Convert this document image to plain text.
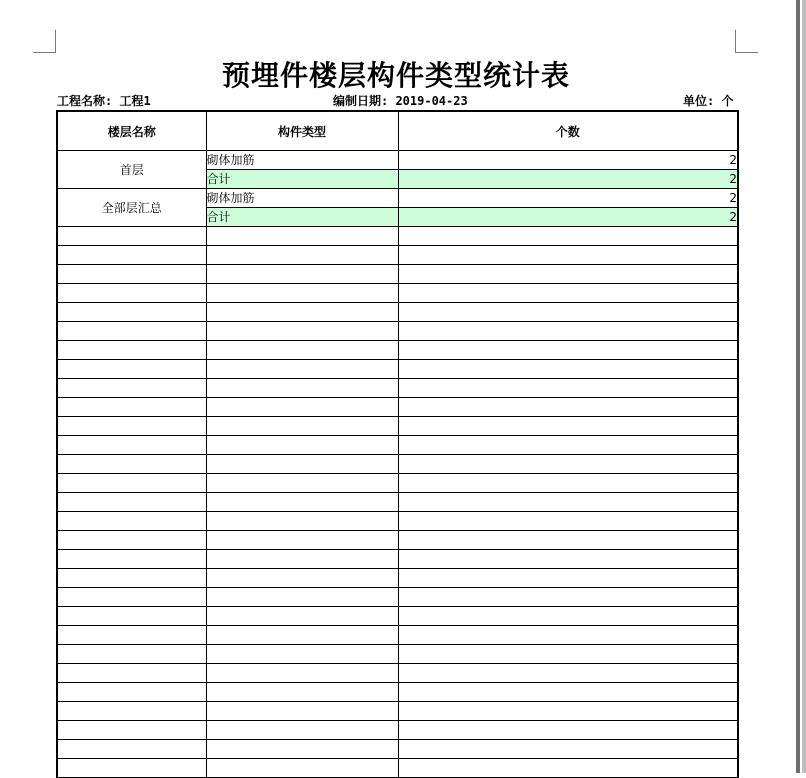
预埋件楼层构件类型统计表
工程名称: 工程1	编制日期: 2019-04-23	单位: 个
楼层名称	构件类型	个数
首层	砌体加筋	2
	合计	2
全部层汇总	砌体加筋	2
	合计	2
